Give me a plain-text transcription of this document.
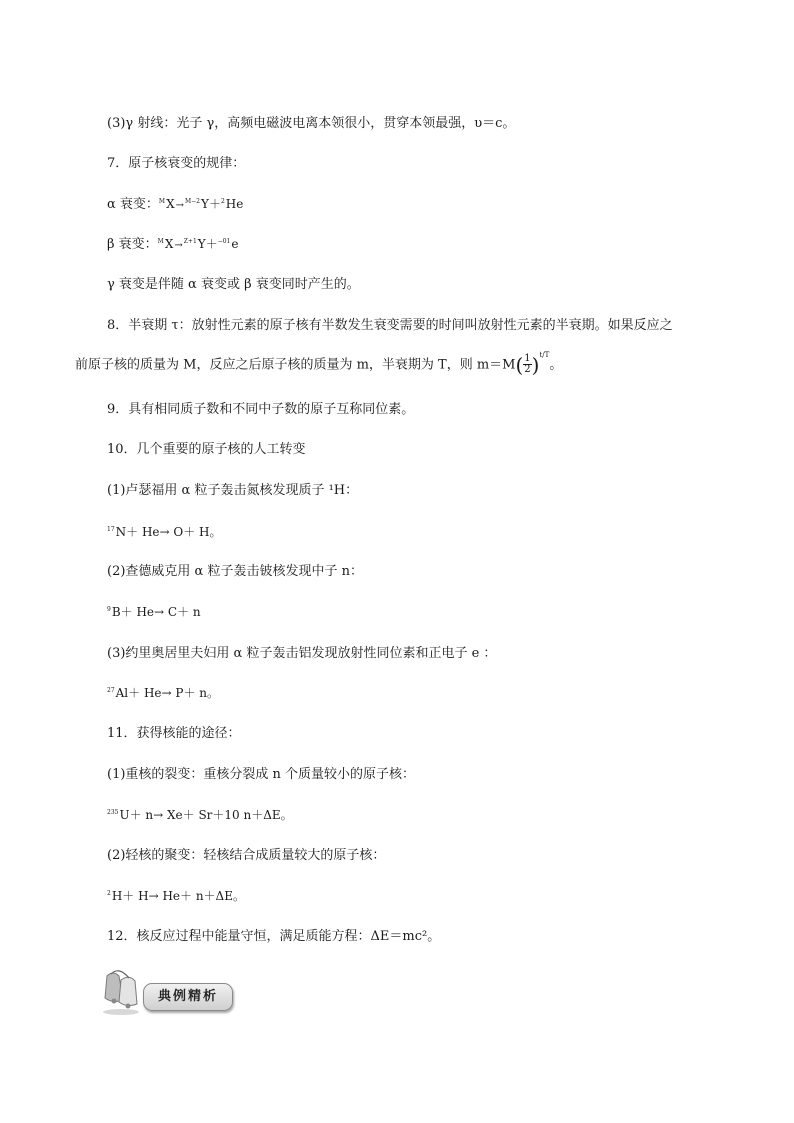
(3)γ 射线：光子 γ，高频电磁波电离本领很小，贯穿本领最强，υ＝c。
7．原子核衰变的规律：
α 衰变：$^M$X→$^{M-2}$Y＋$^2$He
β 衰变：$^M$X→$^{Z+1}$Y＋$^{-01}$e
γ 衰变是伴随 α 衰变或 β 衰变同时产生的。
8．半衰期 τ：放射性元素的原子核有半数发生衰变需要的时间叫放射性元素的半衰期。如果反应之
前原子核的质量为 M，反应之后原子核的质量为 m，半衰期为 T，则 $m=M( \frac{1}{2} )^{t/T}$。
9．具有相同质子数和不同中子数的原子互称同位素。
10．几个重要的原子核的人工转变
(1)卢瑟福用 α 粒子轰击氮核发现质子 ¹H：
$^{17}$N＋ He→ O＋ H。
(2)查德威克用 α 粒子轰击铍核发现中子 n：
$^9$B＋ He→ C＋ n
(3)约里奥居里夫妇用 α 粒子轰击铝发现放射性同位素和正电子 e ：
$^{27}$Al＋ He→ P＋ n。
11．获得核能的途径：
(1)重核的裂变：重核分裂成 n 个质量较小的原子核：
$^{235}$U＋ n→ Xe＋ Sr＋10 n＋ΔE。
(2)轻核的聚变：轻核结合成质量较大的原子核：
$^2$H＋ H→ He＋ n＋ΔE。
12．核反应过程中能量守恒，满足质能方程：ΔE＝mc²。
典例精析
